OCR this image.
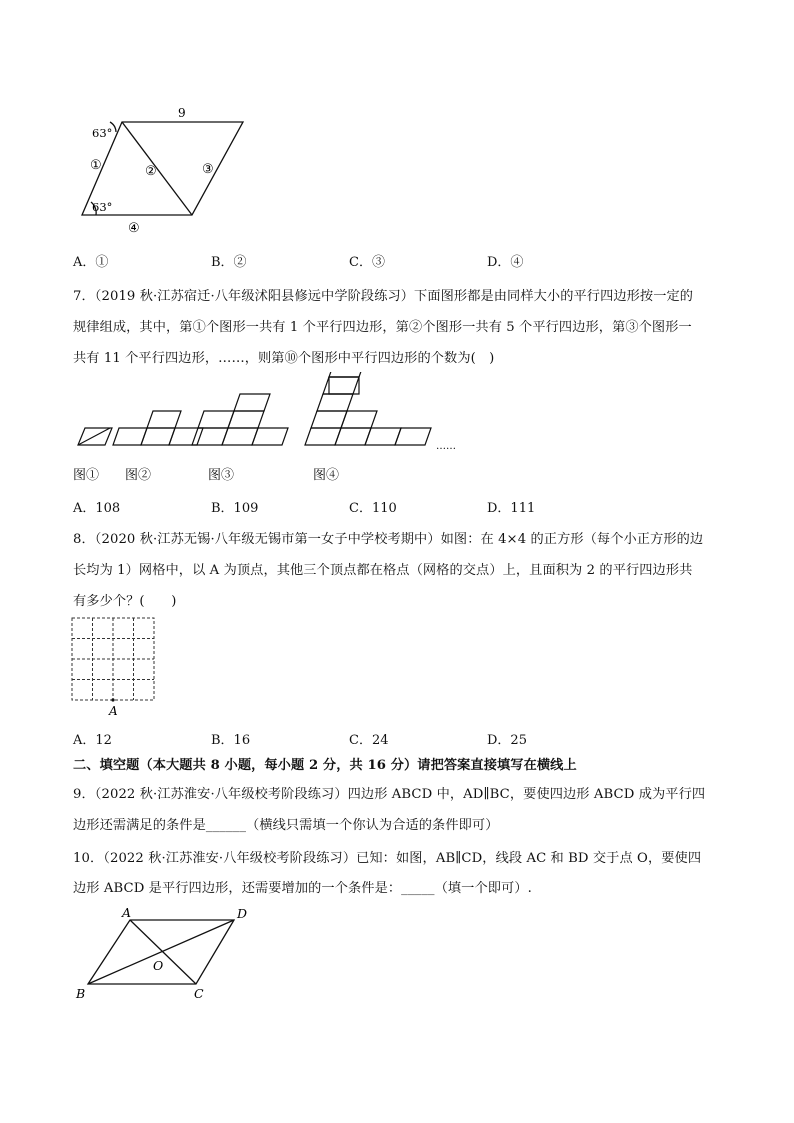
9
63°
63°
①	②	③
④
A．①	B．②	C．③	D．④
7．（2019 秋·江苏宿迁·八年级沭阳县修远中学阶段练习）下面图形都是由同样大小的平行四边形按一定的
规律组成，其中，第①个图形一共有 1 个平行四边形，第②个图形一共有 5 个平行四边形，第③个图形一
共有 11 个平行四边形，……，则第⑩个图形中平行四边形的个数为(　)
……
图① 图②	图③	图④
A．108	B．109	C．110	D．111
8．（2020 秋·江苏无锡·八年级无锡市第一女子中学校考期中）如图：在 4×4 的正方形（每个小正方形的边
长均为 1）网格中，以 A 为顶点，其他三个顶点都在格点（网格的交点）上，且面积为 2 的平行四边形共
有多少个？(　　)
A
A．12	B．16	C．24	D．25
二、填空题（本大题共 8 小题，每小题 2 分，共 16 分）请把答案直接填写在横线上
9．（2022 秋·江苏淮安·八年级校考阶段练习）四边形 ABCD 中，AD∥BC，要使四边形 ABCD 成为平行四
边形还需满足的条件是______（横线只需填一个你认为合适的条件即可）
10．（2022 秋·江苏淮安·八年级校考阶段练习）已知：如图，AB∥CD，线段 AC 和 BD 交于点 O，要使四
边形 ABCD 是平行四边形，还需要增加的一个条件是：_____（填一个即可）.
A	D
B	C
O
